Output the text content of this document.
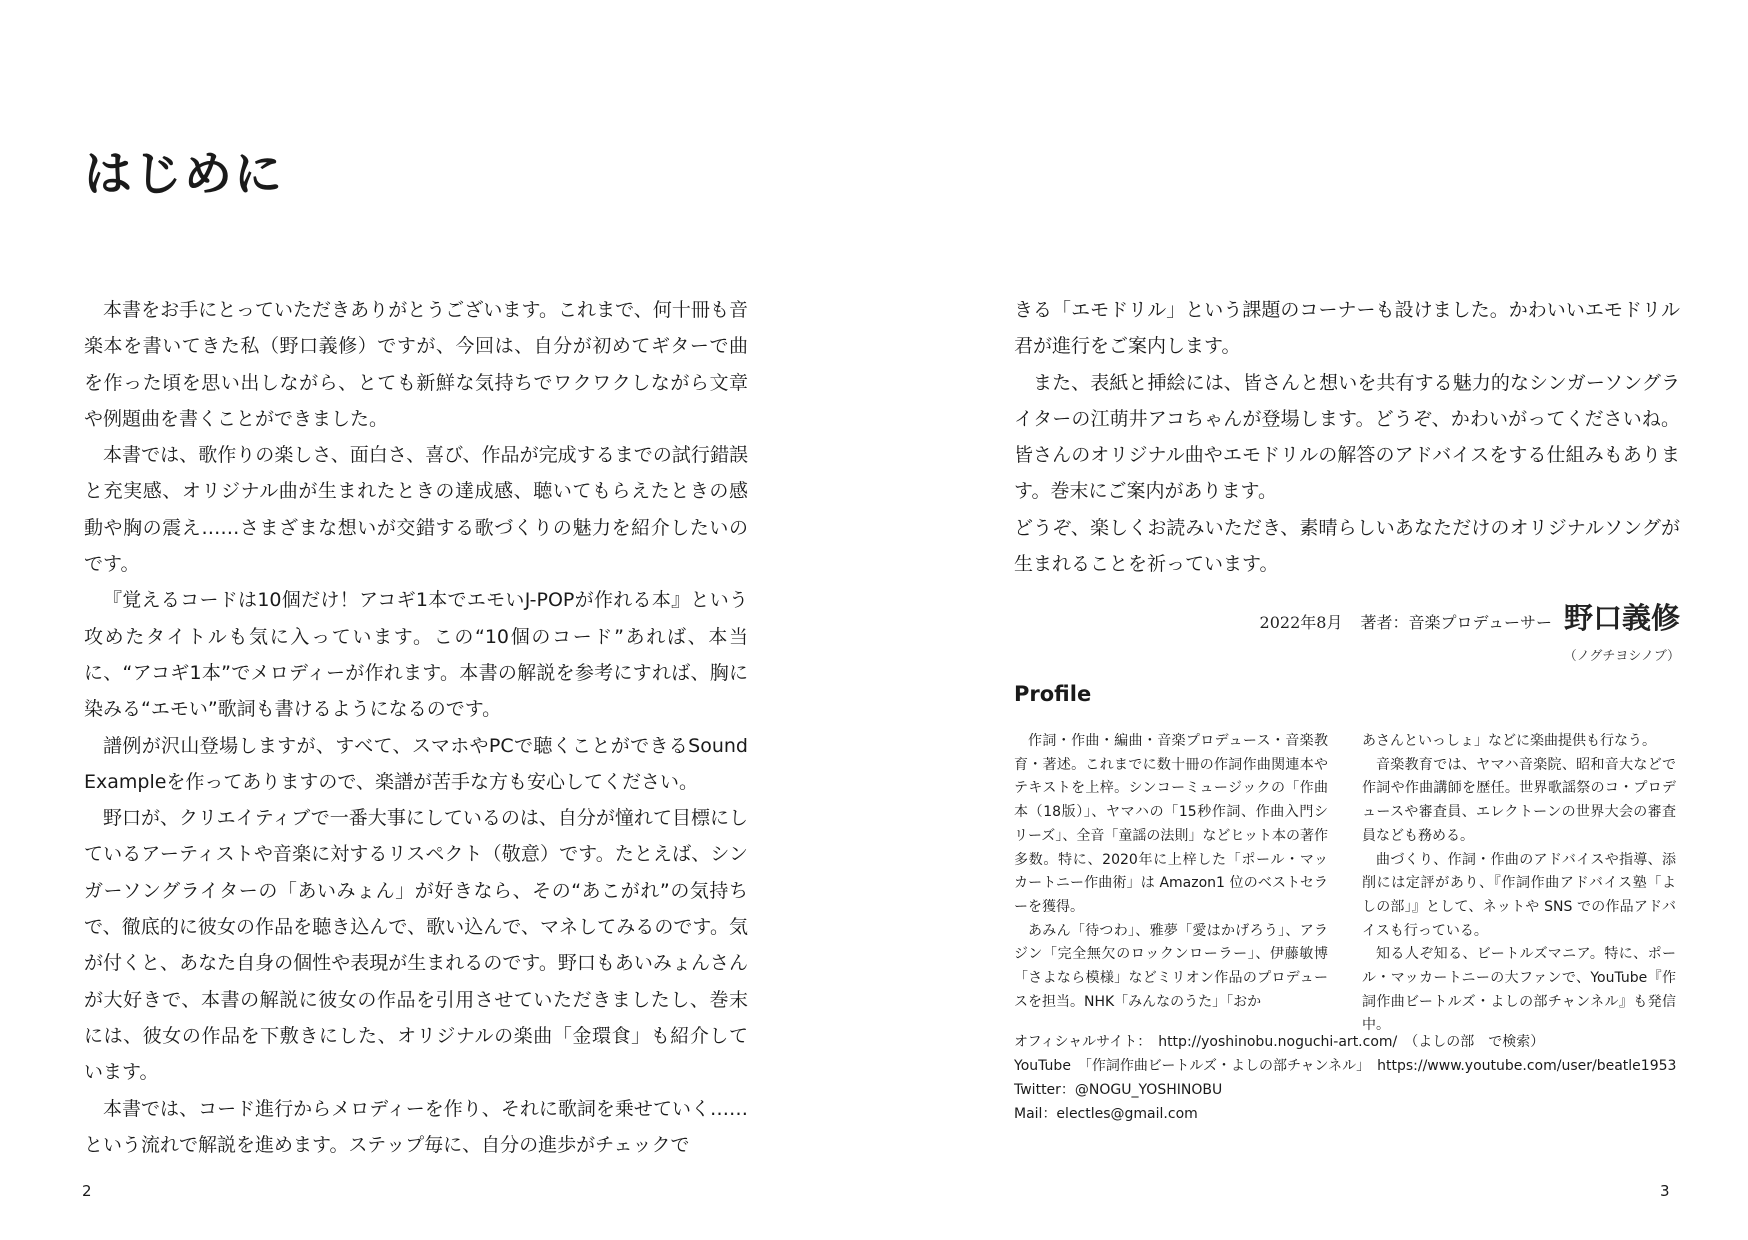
はじめに

本書をお手にとっていただきありがとうございます。これまで、何十冊も音楽本を書いてきた私（野口義修）ですが、今回は、自分が初めてギターで曲を作った頃を思い出しながら、とても新鮮な気持ちでワクワクしながら文章や例題曲を書くことができました。

本書では、歌作りの楽しさ、面白さ、喜び、作品が完成するまでの試行錯誤と充実感、オリジナル曲が生まれたときの達成感、聴いてもらえたときの感動や胸の震え……さまざまな想いが交錯する歌づくりの魅力を紹介したいのです。

『覚えるコードは10個だけ！アコギ1本でエモいJ-POPが作れる本』という攻めたタイトルも気に入っています。この“10個のコード”あれば、本当に、“アコギ1本”でメロディーが作れます。本書の解説を参考にすれば、胸に染みる“エモい”歌詞も書けるようになるのです。

譜例が沢山登場しますが、すべて、スマホやPCで聴くことができるSound Exampleを作ってありますので、楽譜が苦手な方も安心してください。

野口が、クリエイティブで一番大事にしているのは、自分が憧れて目標にしているアーティストや音楽に対するリスペクト（敬意）です。たとえば、シンガーソングライターの「あいみょん」が好きなら、その“あこがれ”の気持ちで、徹底的に彼女の作品を聴き込んで、歌い込んで、マネしてみるのです。気が付くと、あなた自身の個性や表現が生まれるのです。野口もあいみょんさんが大好きで、本書の解説に彼女の作品を引用させていただきましたし、巻末には、彼女の作品を下敷きにした、オリジナルの楽曲「金環食」も紹介しています。

本書では、コード進行からメロディーを作り、それに歌詞を乗せていく……という流れで解説を進めます。ステップ毎に、自分の進歩がチェックで

きる「エモドリル」という課題のコーナーも設けました。かわいいエモドリル君が進行をご案内します。

また、表紙と挿絵には、皆さんと想いを共有する魅力的なシンガーソングライターの江萌井アコちゃんが登場します。どうぞ、かわいがってくださいね。皆さんのオリジナル曲やエモドリルの解答のアドバイスをする仕組みもあります。巻末にご案内があります。

どうぞ、楽しくお読みいただき、素晴らしいあなただけのオリジナルソングが生まれることを祈っています。

2022年8月 著者：音楽プロデューサー 野口義修
（ノグチヨシノブ）
Profile

作詞・作曲・編曲・音楽プロデュース・音楽教育・著述。これまでに数十冊の作詞作曲関連本やテキストを上梓。シンコーミュージックの「作曲本（18版）」、ヤマハの「15秒作詞、作曲入門シリーズ」、全音「童謡の法則」などヒット本の著作多数。特に、2020年に上梓した「ポール・マッカートニー作曲術」は Amazon1 位のベストセラーを獲得。

あみん「待つわ」、雅夢「愛はかげろう」、アラジン「完全無欠のロックンローラー」、伊藤敏博「さよなら模様」などミリオン作品のプロデュースを担当。NHK「みんなのうた」「おか

あさんといっしょ」などに楽曲提供も行なう。

音楽教育では、ヤマハ音楽院、昭和音大などで作詞や作曲講師を歴任。世界歌謡祭のコ・プロデュースや審査員、エレクトーンの世界大会の審査員なども務める。

曲づくり、作詞・作曲のアドバイスや指導、添削には定評があり、『作詞作曲アドバイス塾「よしの部」』として、ネットや SNS での作品アドバイスも行っている。

知る人ぞ知る、ビートルズマニア。特に、ポール・マッカートニーの大ファンで、YouTube『作詞作曲ビートルズ・よしの部チャンネル』も発信中。

オフィシャルサイト：　http://yoshinobu.noguchi-art.com/　（よしの部　で検索）
YouTube　「作詞作曲ビートルズ・よしの部チャンネル」　https://www.youtube.com/user/beatle1953
Twitter：@NOGU_YOSHINOBU
Mail：electles@gmail.com
2	3
